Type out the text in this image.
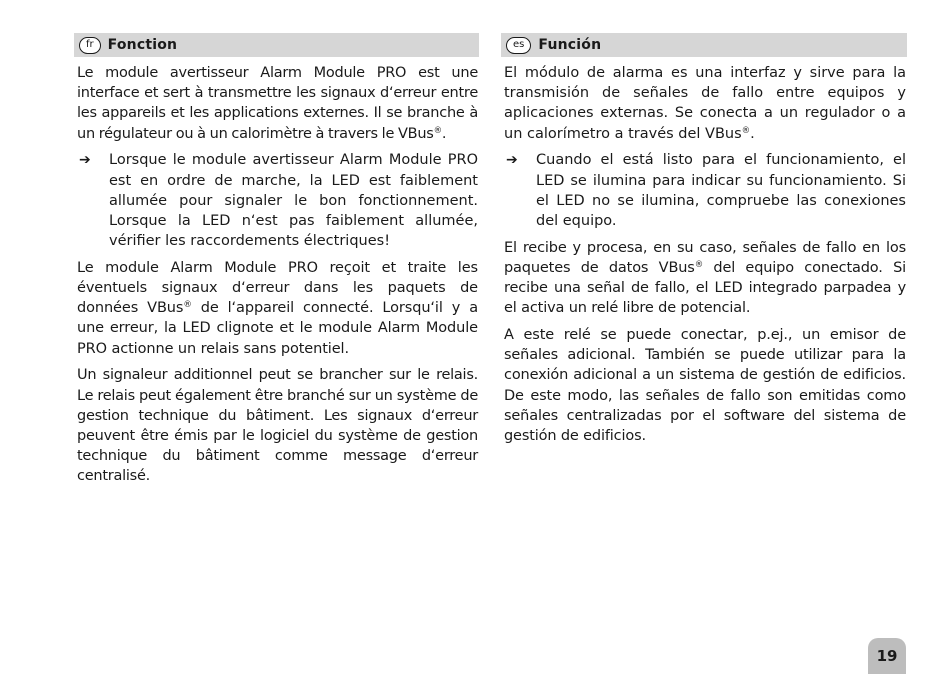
fr	Fonction

Le module avertisseur Alarm Module PRO est une interface et sert à transmettre les signaux d‘erreur entre les appareils et les applications externes. Il se branche à un régulateur ou à un calorimètre à travers le VBus®.

➔	Lorsque le module avertisseur Alarm Module PRO est en ordre de marche, la LED est faiblement allumée pour signaler le bon fonctionnement. Lorsque la LED n‘est pas faiblement allumée, vérifier les raccordements électriques!

Le module Alarm Module PRO reçoit et traite les éventuels signaux d‘erreur dans les paquets de données VBus® de l‘appareil connecté. Lorsqu‘il y a une erreur, la LED clignote et le module Alarm Module PRO actionne un relais sans potentiel.

Un signaleur additionnel peut se brancher sur le relais. Le relais peut également être branché sur un système de gestion technique du bâtiment. Les signaux d‘erreur peuvent être émis par le logiciel du système de gestion technique du bâtiment comme message d‘erreur centralisé.

es	Función

El módulo de alarma es una interfaz y sirve para la transmisión de señales de fallo entre equipos y aplicaciones externas. Se conecta a un regulador o a un calorímetro a través del VBus®.

➔	Cuando el está listo para el funcionamiento, el LED se ilumina para indicar su funcionamiento. Si el LED no se ilumina, compruebe las conexiones del equipo.

El recibe y procesa, en su caso, señales de fallo en los paquetes de datos VBus® del equipo conectado. Si recibe una señal de fallo, el LED integrado parpadea y el activa un relé libre de potencial.

A este relé se puede conectar, p.ej., un emisor de señales adicional. También se puede utilizar para la conexión adicional a un sistema de gestión de edificios. De este modo, las señales de fallo son emitidas como señales centralizadas por el software del sistema de gestión de edificios.

19
